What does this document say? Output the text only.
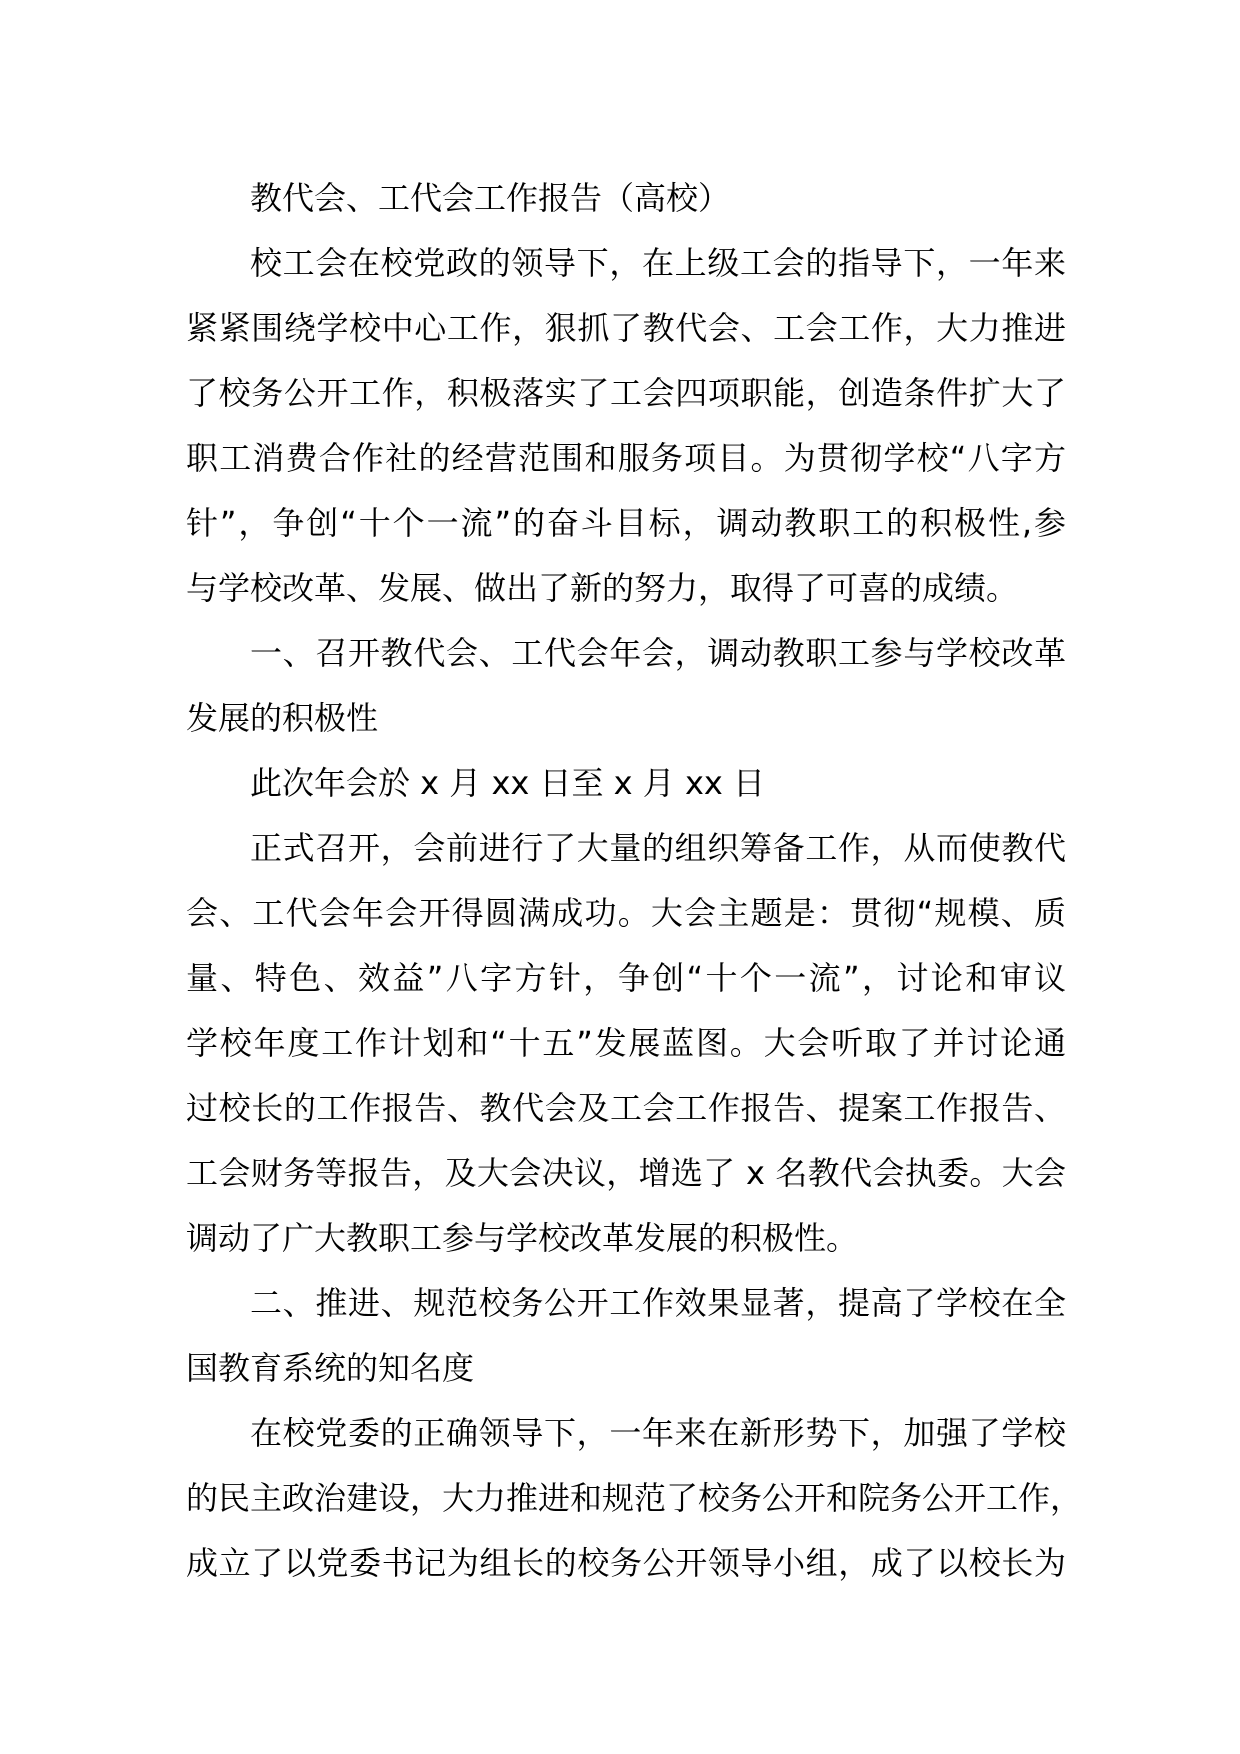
教代会、工代会工作报告（高校）
校工会在校党政的领导下，在上级工会的指导下，一年来
紧紧围绕学校中心工作，狠抓了教代会、工会工作，大力推进
了校务公开工作，积极落实了工会四项职能，创造条件扩大了
职工消费合作社的经营范围和服务项目。为贯彻学校“八字方
针”，争创“十个一流”的奋斗目标，调动教职工的积极性,参
与学校改革、发展、做出了新的努力，取得了可喜的成绩。
一、召开教代会、工代会年会，调动教职工参与学校改革
发展的积极性
此次年会於 x 月 xx 日至 x 月 xx 日
正式召开，会前进行了大量的组织筹备工作，从而使教代
会、工代会年会开得圆满成功。大会主题是：贯彻“规模、质
量、特色、效益”八字方针，争创“十个一流”，讨论和审议
学校年度工作计划和“十五”发展蓝图。大会听取了并讨论通
过校长的工作报告、教代会及工会工作报告、提案工作报告、
工会财务等报告，及大会决议，增选了 x 名教代会执委。大会
调动了广大教职工参与学校改革发展的积极性。
二、推进、规范校务公开工作效果显著，提高了学校在全
国教育系统的知名度
在校党委的正确领导下，一年来在新形势下，加强了学校
的民主政治建设，大力推进和规范了校务公开和院务公开工作，
成立了以党委书记为组长的校务公开领导小组，成了以校长为
